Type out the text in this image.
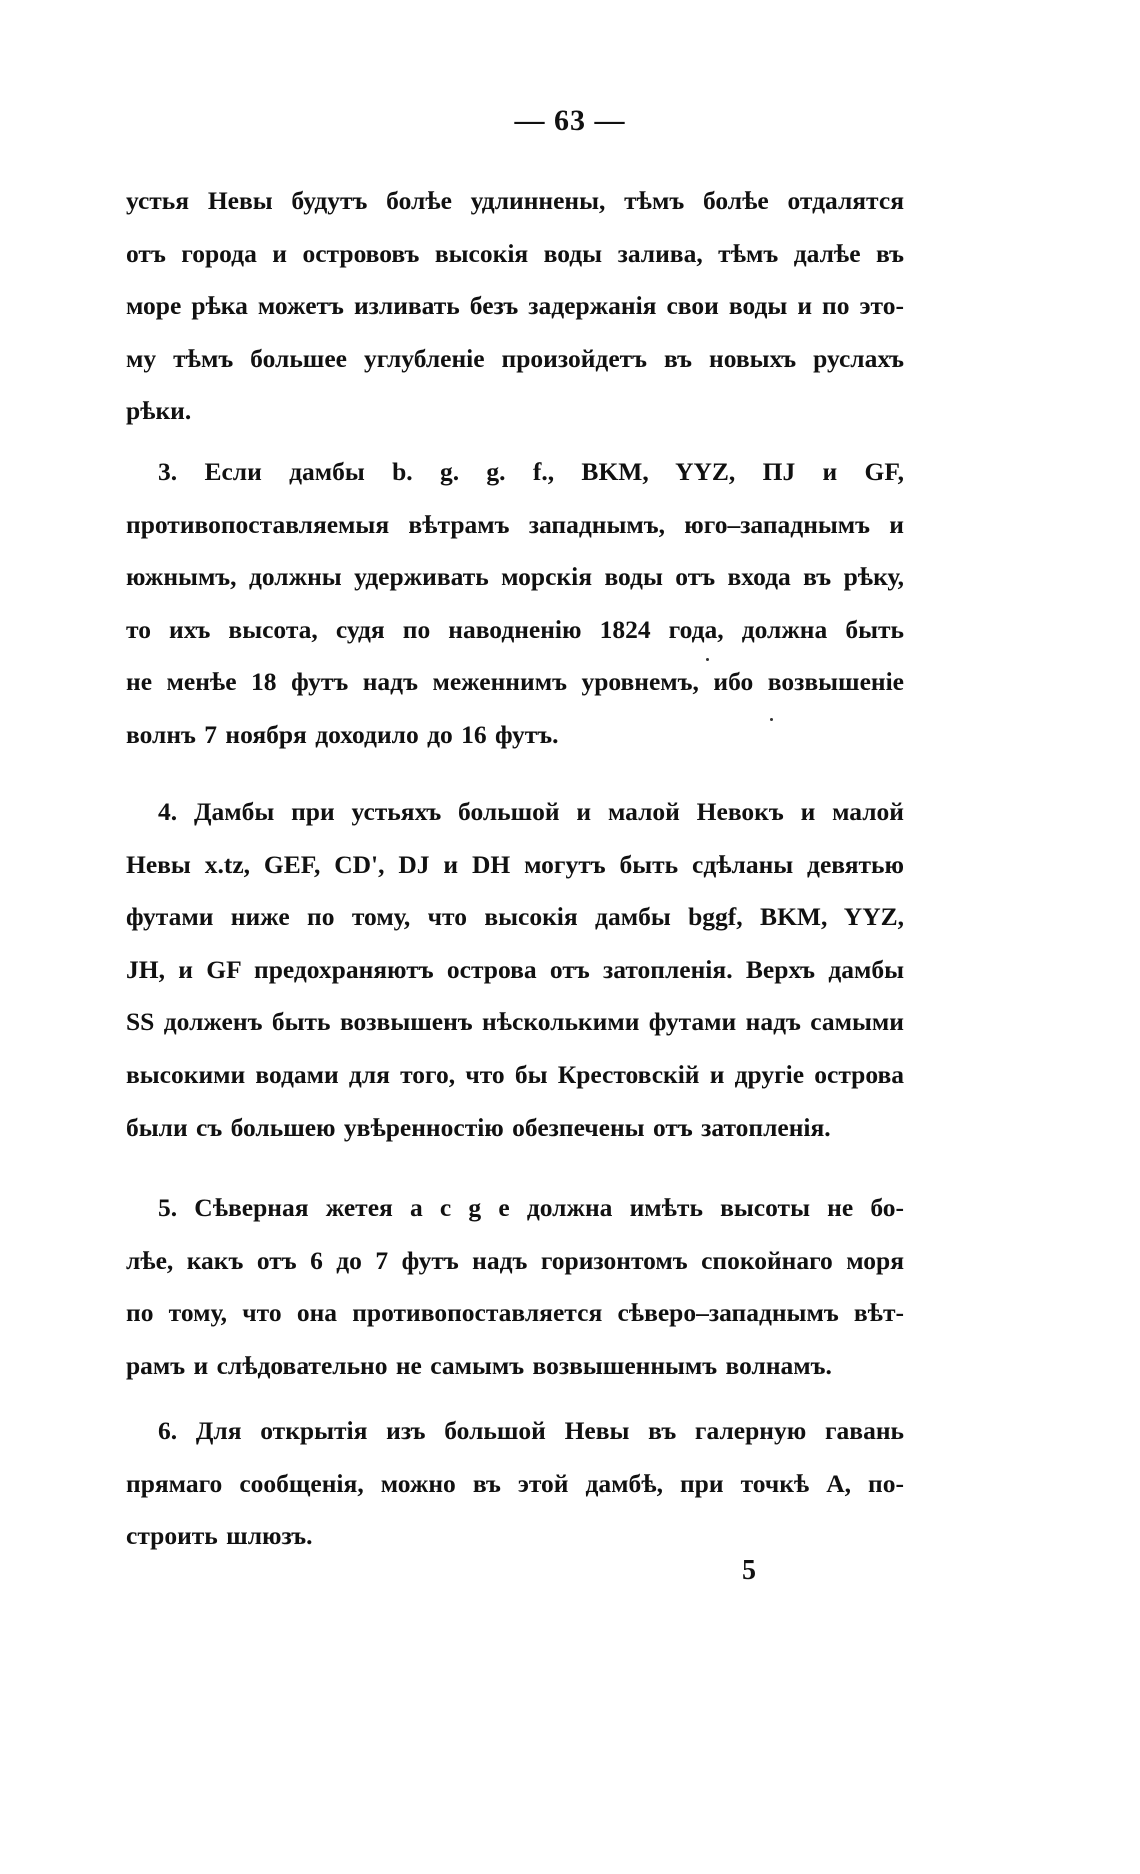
— 63 —
устья Невы будутъ болѣе удлиннены, тѣмъ болѣе отдалятся
отъ города и острововъ высокія воды залива, тѣмъ далѣе въ
море рѣка можетъ изливать безъ задержанія свои воды и по это-
му тѣмъ большее углубленіе произойдетъ въ новыхъ руслахъ
рѣки.
3. Если дамбы b. g. g. f., BKM, YYZ, ПJ и GF,
противопоставляемыя вѣтрамъ западнымъ, юго–западнымъ и
южнымъ, должны удерживать морскія воды отъ входа въ рѣку,
то ихъ высота, судя по наводненію 1824 года, должна быть
не менѣе 18 футъ надъ меженнимъ уровнемъ, ибо возвышеніе
волнъ 7 ноября доходило до 16 футъ.
4. Дамбы при устьяхъ большой и малой Невокъ и малой
Невы x.tz, GEF, CD', DJ и DH могутъ быть сдѣланы девятью
футами ниже по тому, что высокія дамбы bggf, BKM, YYZ,
JH, и GF предохраняютъ острова отъ затопленія. Верхъ дамбы
SS долженъ быть возвышенъ нѣсколькими футами надъ самыми
высокими водами для того, что бы Крестовскій и другіе острова
были съ большею увѣренностію обезпечены отъ затопленія.
5. Сѣверная жетея a c g e должна имѣть высоты не бо-
лѣе, какъ отъ 6 до 7 футъ надъ горизонтомъ спокойнаго моря
по тому, что она противопоставляется сѣверо–западнымъ вѣт-
рамъ и слѣдовательно не самымъ возвышеннымъ волнамъ.
6. Для открытія изъ большой Невы въ галерную гавань
прямаго сообщенія, можно въ этой дамбѣ, при точкѣ A, по-
строить шлюзъ.
5
